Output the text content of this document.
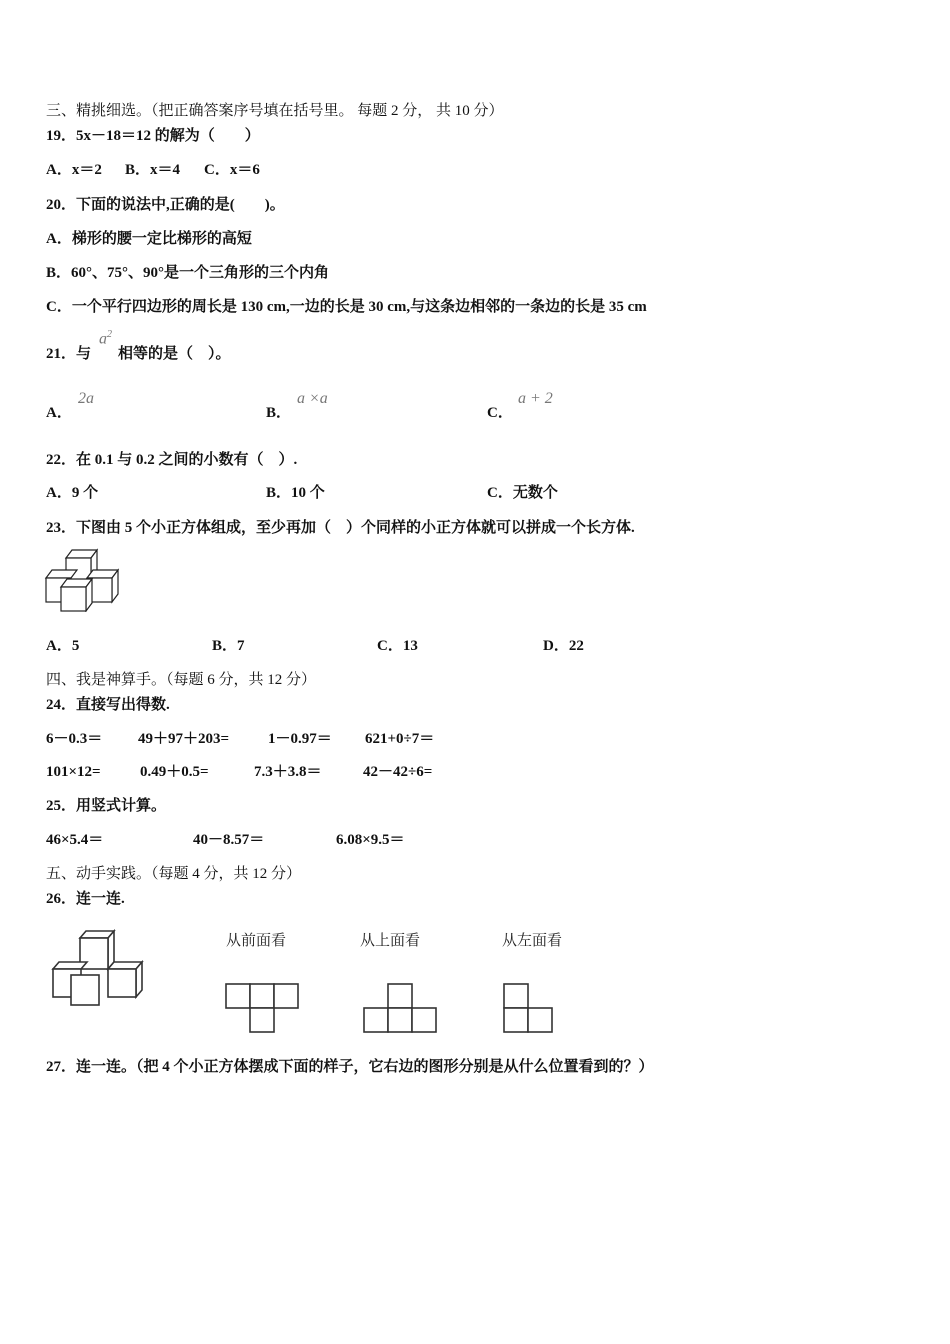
三、精挑细选。（把正确答案序号填在括号里。 每题 2 分， 共 10 分）
19．5x－18＝12 的解为（　　）
A．x＝2 B．x＝4 C．x＝6
20．下面的说法中,正确的是(　　)。
A．梯形的腰一定比梯形的高短
B．60°、75°、90°是一个三角形的三个内角
C．一个平行四边形的周长是 130 cm,一边的长是 30 cm,与这条边相邻的一条边的长是 35 cm
21．与
$a^2$
相等的是（　）。
A．
2a
B．
a ×a
C．
a + 2
22．在 0.1 与 0.2 之间的小数有（　）.
A．9 个	B．10 个	C．无数个
23．下图由 5 个小正方体组成，至少再加（　）个同样的小正方体就可以拼成一个长方体.
A．5	B．7	C．13	D．22
四、我是神算手。（每题 6 分，共 12 分）
24．直接写出得数.
6－0.3＝ 49＋97＋203=	1－0.97＝ 621+0÷7＝
101×12=	0.49＋0.5=	7.3＋3.8＝	42－42÷6=
25．用竖式计算。
46×5.4＝	40－8.57＝	6.08×9.5＝
五、动手实践。（每题 4 分，共 12 分）
26．连一连.
从前面看	从上面看	从左面看
27．连一连。（把 4 个小正方体摆成下面的样子，它右边的图形分别是从什么位置看到的？）
